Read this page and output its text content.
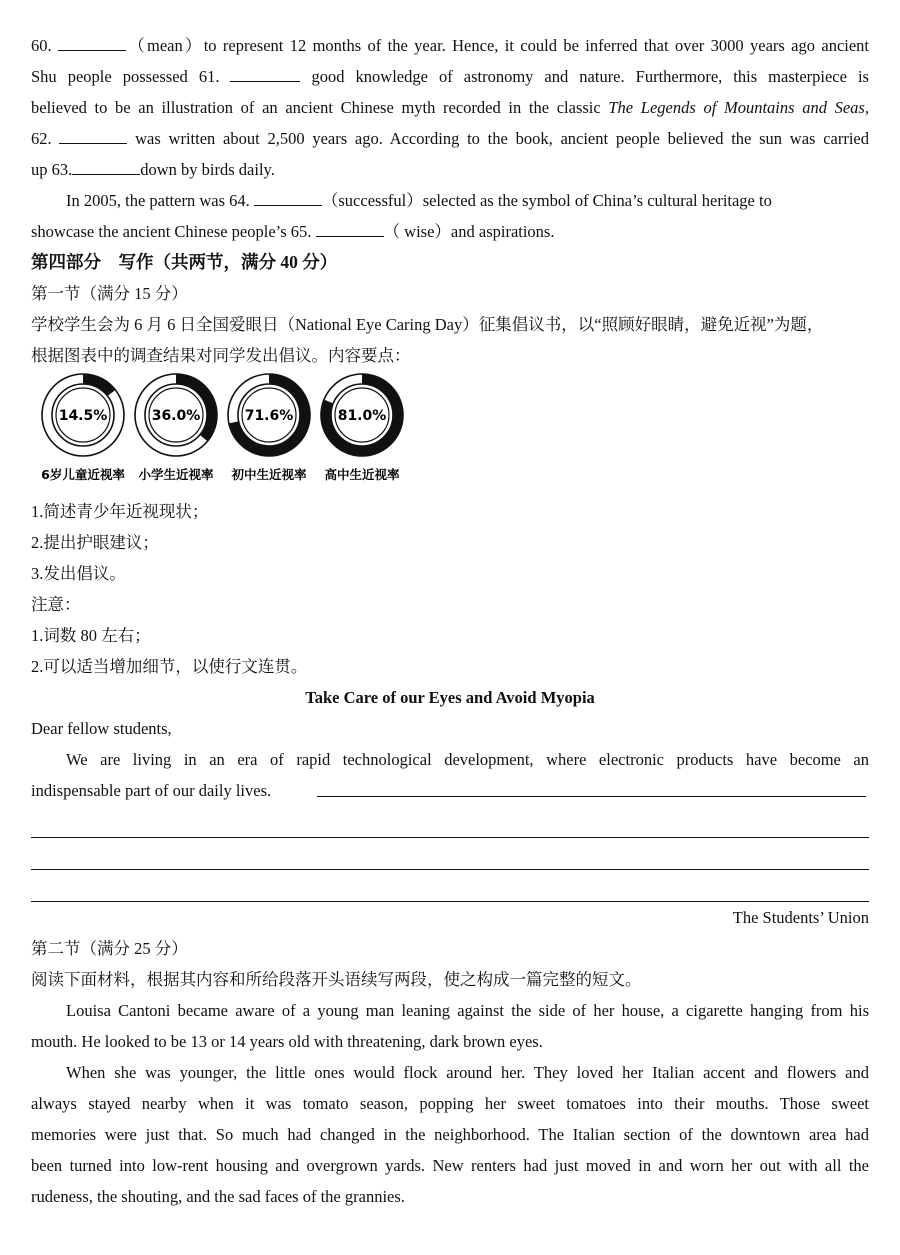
60.	（mean）to represent 12 months of the year. Hence, it could be inferred that over 3000 years ago ancient
Shu people possessed 61.	good knowledge of astronomy and nature. Furthermore, this masterpiece is
believed to be an illustration of an ancient Chinese myth recorded in the classic The Legends of Mountains and Seas,
62.	was written about 2,500 years ago. According to the book, ancient people believed the sun was carried
up 63.	down by birds daily.
In 2005, the pattern was 64.	（successful）selected as the symbol of China’s cultural heritage to
showcase the ancient Chinese people’s 65.	（ wise）and aspirations.
第四部分　写作（共两节，满分 40 分）
第一节（满分 15 分）
学校学生会为 6 月 6 日全国爱眼日（National Eye Caring Day）征集倡议书，以“照顾好眼睛，避免近视”为题，
根据图表中的调查结果对同学发出倡议。内容要点：
14.5%
6岁儿童近视率
36.0%
小学生近视率
71.6%
初中生近视率
81.0%
高中生近视率
1.简述青少年近视现状；
2.提出护眼建议；
3.发出倡议。
注意：
1.词数 80 左右；
2.可以适当增加细节，以使行文连贯。
Take Care of our Eyes and Avoid Myopia
Dear fellow students,
We are living in an era of rapid technological development, where electronic products have become an
indispensable part of our daily lives.
The Students’ Union
第二节（满分 25 分）
阅读下面材料，根据其内容和所给段落开头语续写两段，使之构成一篇完整的短文。
Louisa Cantoni became aware of a young man leaning against the side of her house, a cigarette hanging from his
mouth. He looked to be 13 or 14 years old with threatening, dark brown eyes.
When she was younger, the little ones would flock around her. They loved her Italian accent and flowers and
always stayed nearby when it was tomato season, popping her sweet tomatoes into their mouths. Those sweet
memories were just that. So much had changed in the neighborhood. The Italian section of the downtown area had
been turned into low-rent housing and overgrown yards. New renters had just moved in and worn her out with all the
rudeness, the shouting, and the sad faces of the grannies.
